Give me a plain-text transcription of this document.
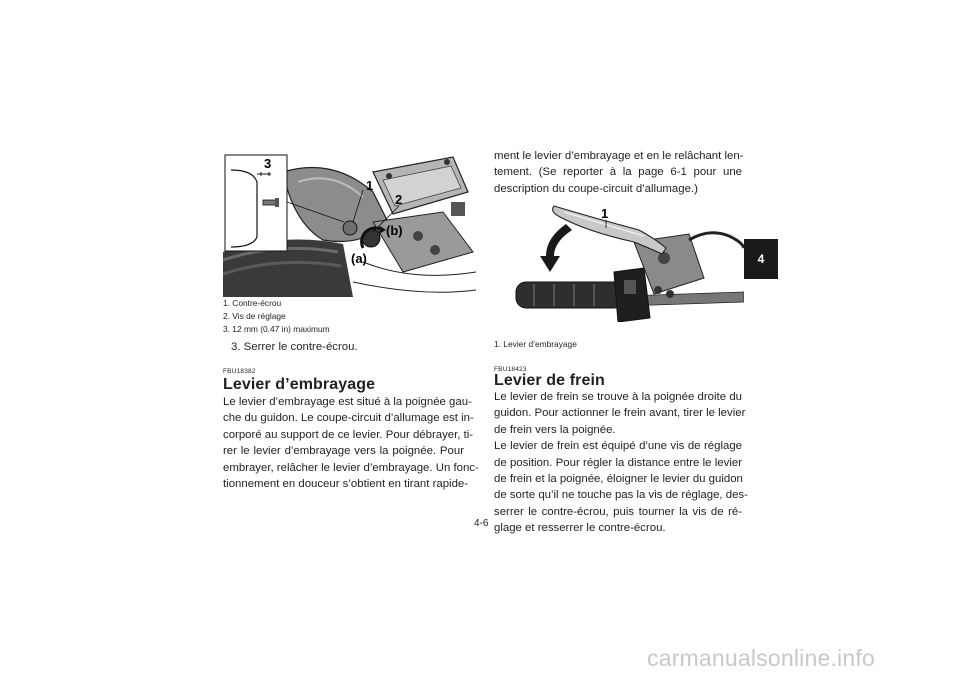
3
1
2
(b)
(a)
1. Contre-écrou
2. Vis de réglage
3. 12 mm (0.47 in) maximum
3. Serrer le contre-écrou.
FBU18382
Levier d’embrayage
Le levier d’embrayage est situé à la poignée gau-
che du guidon. Le coupe-circuit d’allumage est in-
corporé au support de ce levier. Pour débrayer, ti-
rer le levier d’embrayage vers la poignée. Pour
embrayer, relâcher le levier d’embrayage. Un fonc-
tionnement en douceur s’obtient en tirant rapide-
ment le levier d’embrayage et en le relâchant len-
tement. (Se reporter à la page 6-1 pour une
description du coupe-circuit d’allumage.)
1
1. Levier d’embrayage
FBU18423
Levier de frein
Le levier de frein se trouve à la poignée droite du
guidon. Pour actionner le frein avant, tirer le levier
de frein vers la poignée.
Le levier de frein est équipé d’une vis de réglage
de position. Pour régler la distance entre le levier
de frein et la poignée, éloigner le levier du guidon
de sorte qu’il ne touche pas la vis de réglage, des-
serrer le contre-écrou, puis tourner la vis de ré-
glage et resserrer le contre-écrou.
4
4-6
carmanualsonline.info
